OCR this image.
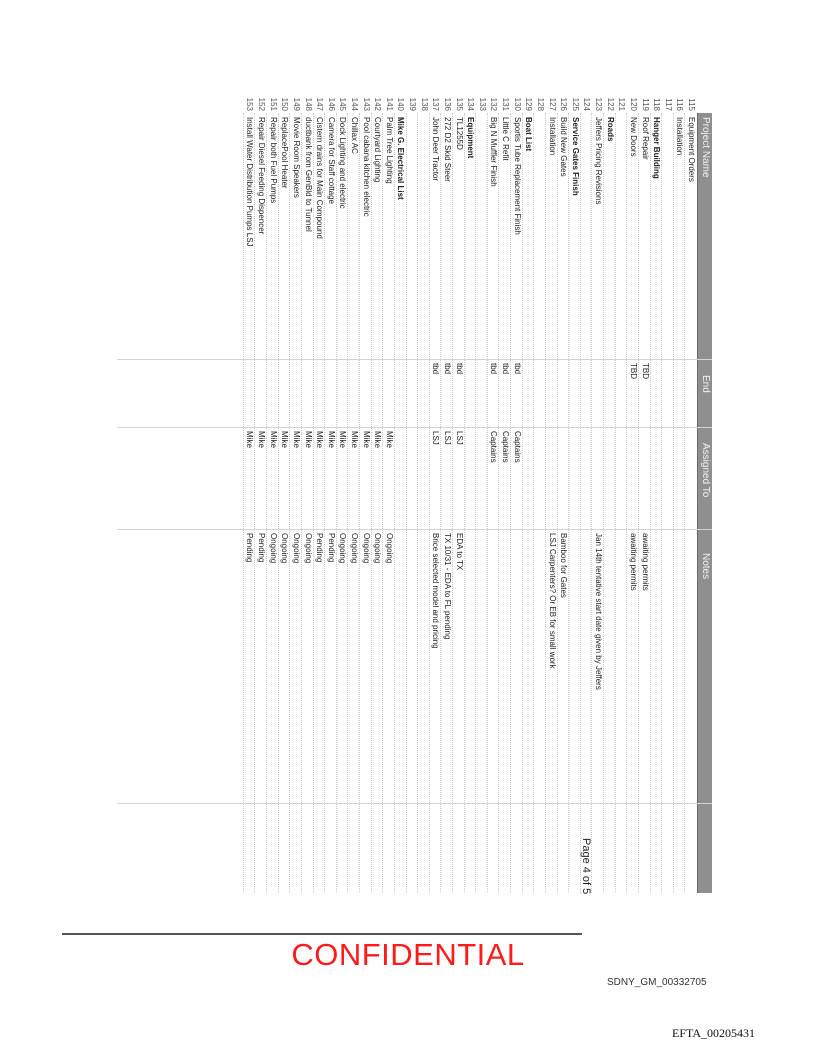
Project Name
End
Assigned To
Notes
115
Equipment Orders
116
Installation
117
118
Hanger Building
119
Roof Repair
TBD
awaiting permits
120
New Doors
TBD
awaiting permits
121
122
Roads
123
Jeffers Pricing Revisions
Jan 14th tentative start date given by Jeffers
124
125
Service Gates Finish
126
Build New Gates
Bamboo for Gates
127
Installation
LSJ Carpenters? Or EB for small work
128
129
Boat List
130
Sportis Tube Replacement Finish
tbd
Captains
131
Little C Refit
tbd
Captains
132
Big N Muffler Finish
tbd
Captains
133
134
Equipment
135
TL1255D
tbd
LSJ
EDA to TX
136
272 D2 Skid Steer
tbd
LSJ
TX 10/31 - EDA to FL pending
137
John Deer Tractor
tbd
LSJ
Brice selected model and pricing
138
139
140
Mike G. Electrical List
141
Palm Tree Lighting
Mike
Ongoing
142
Courtyard Lighting
Mike
Ongoing
143
Pool cabana kitchen electric
Mike
Ongoing
144
Chillax AC
Mike
Ongoing
145
Dock Lighting and electric
Mike
Ongoing
146
Camera for Staff cottage
Mike
Pending
147
Cistern drains for Main Compound
Mike
Pending
148
ductbank from GenBld to Tunnel
Mike
Ongoing
149
Movie Room Speakers
Mike
Ongoing
150
ReplacePool Heater
Mike
Ongoing
151
Repair both Fuel Pumps
Mike
Ongoing
152
Repair Diesel Feeding Dispencer
Mike
Pending
153
Install Water Distribution Pumps LSJ
Mike
Pending
Page 4 of 5
CONFIDENTIAL
SDNY_GM_00332705
EFTA_00205431
